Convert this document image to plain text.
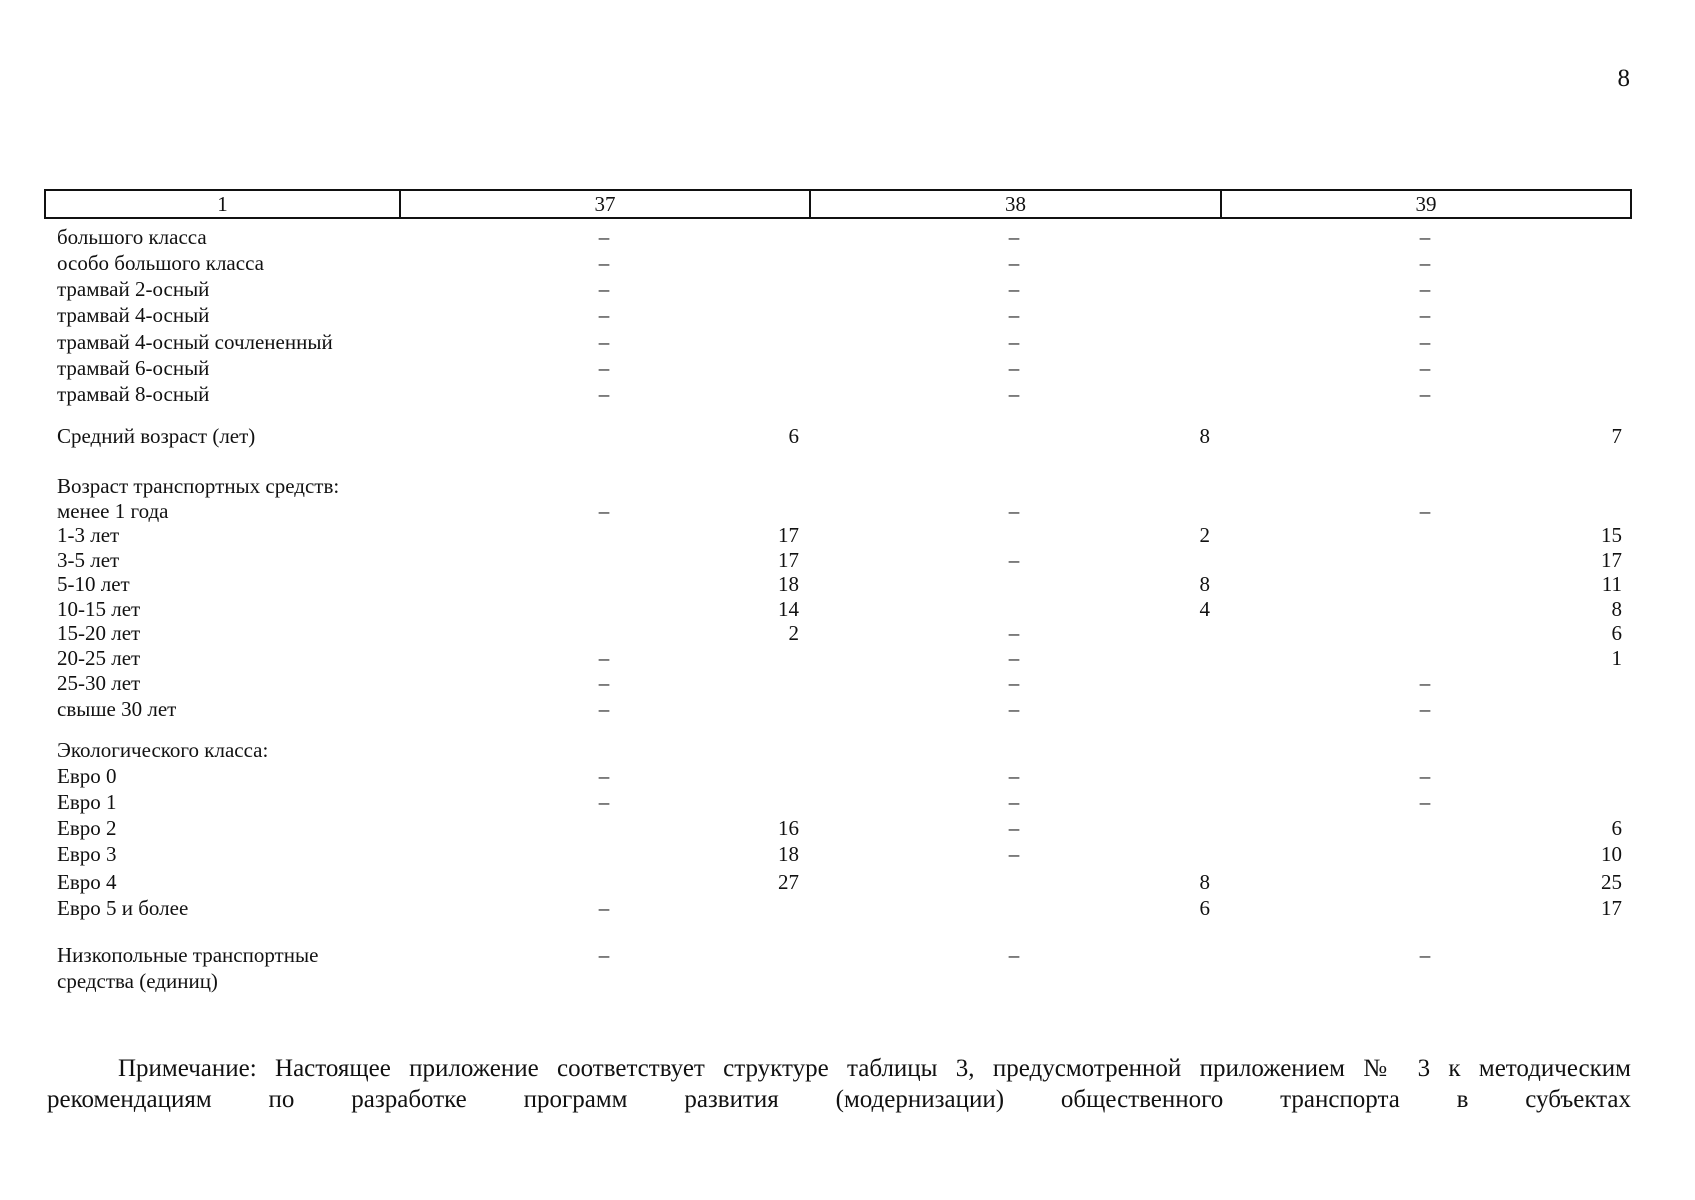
8
1	37	38	39
большого класса	–	–	–
особо большого класса	–	–	–
трамвай 2-осный	–	–	–
трамвай 4-осный	–	–	–
трамвай 4-осный сочлененный	–	–	–
трамвай 6-осный	–	–	–
трамвай 8-осный	–	–	–
Средний возраст (лет)	6	8	7
Возраст транспортных средств:
менее 1 года	–	–	–
1-3 лет	17	2	15
3-5 лет	17	–	17
5-10 лет	18	8	11
10-15 лет	14	4	8
15-20 лет	2	–	6
20-25 лет	–	–	1
25-30 лет	–	–	–
свыше 30 лет	–	–	–
Экологического класса:
Евро 0	–	–	–
Евро 1	–	–	–
Евро 2	16	–	6
Евро 3	18	–	10
Евро 4	27	8	25
Евро 5 и более	–	6	17
Низкопольные транспортные	–	–	–
средства (единиц)
Примечание: Настоящее приложение соответствует структуре таблицы 3, предусмотренной приложением № 3 к методическим рекомендациям по разработке программ развития (модернизации) общественного транспорта в субъектах
